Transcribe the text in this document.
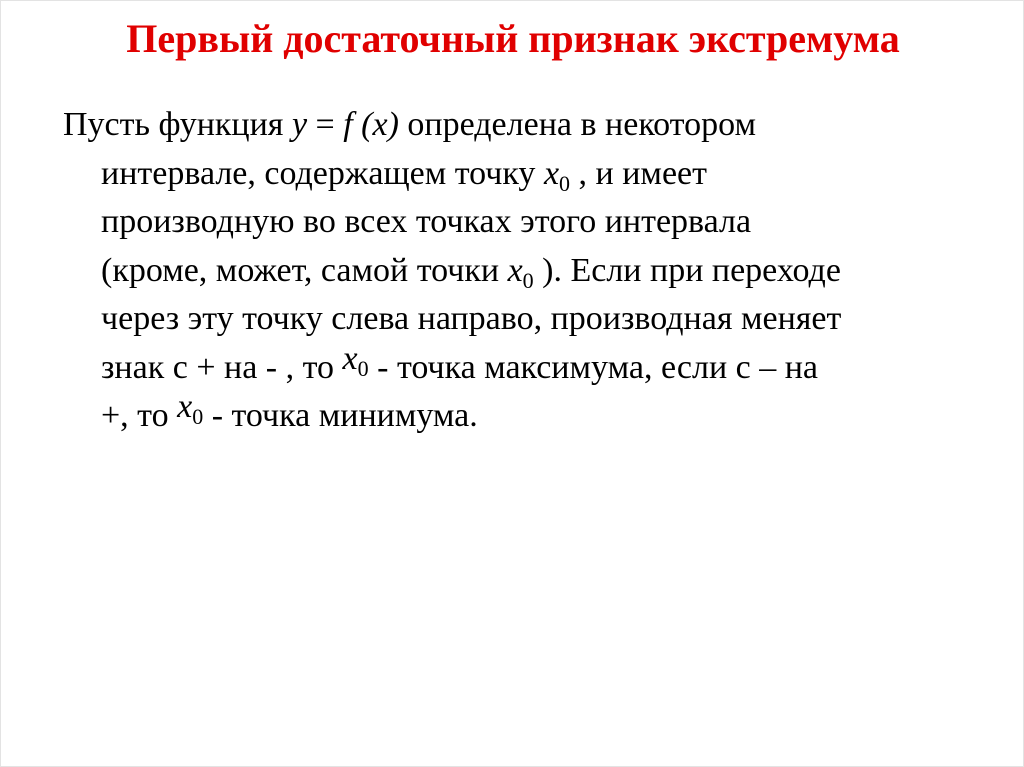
Первый достаточный признак экстремума
Пусть функция y = f (x) определена в некотором
интервале, содержащем точку $x_0$ , и имеет
производную во всех точках этого интервала
(кроме, может, самой точки $x_0$ ). Если при переходе
через эту точку слева направо, производная меняет
знак с + на - , то $x_0$ - точка максимума, если с – на
+, то $x_0$ - точка минимума.
